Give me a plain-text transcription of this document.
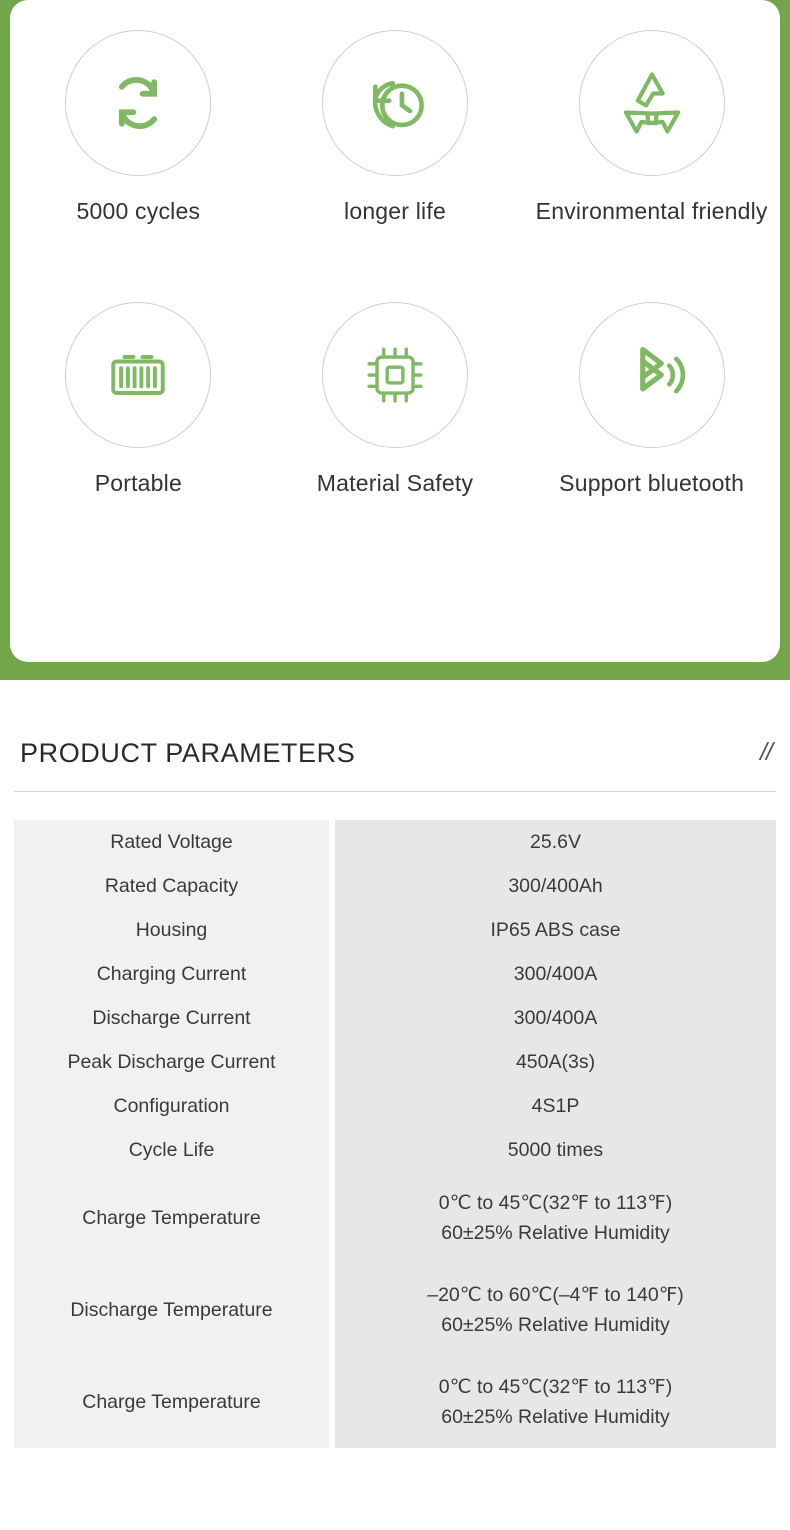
5000 cycles	longer life	Environmental friendly
Portable	Material Safety	Support bluetooth
PRODUCT PARAMETERS	//
Rated Voltage	25.6V
Rated Capacity	300/400Ah
Housing	IP65 ABS case
Charging Current	300/400A
Discharge Current	300/400A
Peak Discharge Current	450A(3s)
Configuration	4S1P
Cycle Life	5000 times
Charge Temperature	0℃ to 45℃(32℉ to 113℉)
60±25% Relative Humidity

Discharge Temperature	–20℃ to 60℃(–4℉ to 140℉)
60±25% Relative Humidity

Charge Temperature	0℃ to 45℃(32℉ to 113℉)
60±25% Relative Humidity
